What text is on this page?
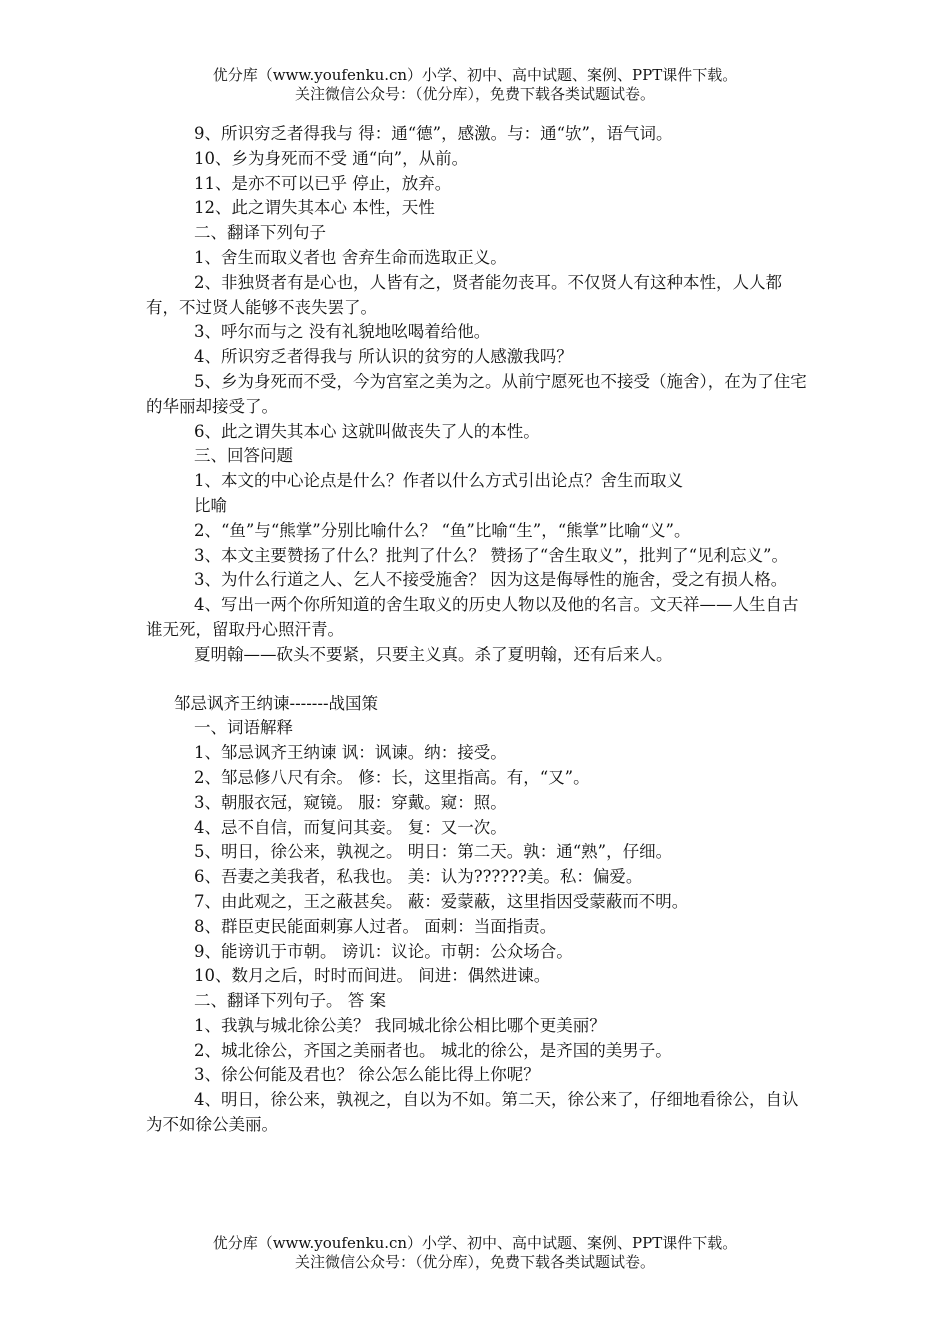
优分库（www.youfenku.cn）小学、初中、高中试题、案例、PPT课件下载。
关注微信公众号：（优分库），免费下载各类试题试卷。

9、所识穷乏者得我与 得：通“德”，感激。与：通“欤”，语气词。

10、乡为身死而不受 通“向”，从前。

11、是亦不可以已乎 停止，放弃。

12、此之谓失其本心 本性，天性

二、翻译下列句子

1、舍生而取义者也 舍弃生命而选取正义。

2、非独贤者有是心也，人皆有之，贤者能勿丧耳。不仅贤人有这种本性，人人都有，不过贤人能够不丧失罢了。

3、呼尔而与之 没有礼貌地吆喝着给他。

4、所识穷乏者得我与 所认识的贫穷的人感激我吗？

5、乡为身死而不受，今为宫室之美为之。从前宁愿死也不接受（施舍），在为了住宅的华丽却接受了。

6、此之谓失其本心 这就叫做丧失了人的本性。

三、回答问题

1、本文的中心论点是什么？作者以什么方式引出论点？舍生而取义

比喻

2、“鱼”与“熊掌”分别比喻什么？ “鱼”比喻“生”，“熊掌”比喻“义”。

3、本文主要赞扬了什么？批判了什么？ 赞扬了“舍生取义”，批判了“见利忘义”。

3、为什么行道之人、乞人不接受施舍？ 因为这是侮辱性的施舍，受之有损人格。

4、写出一两个你所知道的舍生取义的历史人物以及他的名言。文天祥——人生自古谁无死，留取丹心照汗青。

夏明翰——砍头不要紧，只要主义真。杀了夏明翰，还有后来人。

邹忌讽齐王纳谏-------战国策

一、词语解释

1、邹忌讽齐王纳谏 讽：讽谏。纳：接受。

2、邹忌修八尺有余。 修：长，这里指高。有，“又”。

3、朝服衣冠，窥镜。 服：穿戴。窥：照。

4、忌不自信，而复问其妾。 复：又一次。

5、明日，徐公来，孰视之。 明日：第二天。孰：通“熟”，仔细。

6、吾妻之美我者，私我也。 美：认为??????美。私：偏爱。

7、由此观之，王之蔽甚矣。 蔽：爱蒙蔽，这里指因受蒙蔽而不明。

8、群臣吏民能面刺寡人过者。 面刺：当面指责。

9、能谤讥于市朝。 谤讥：议论。市朝：公众场合。

10、数月之后，时时而间进。 间进：偶然进谏。

二、翻译下列句子。 答 案

1、我孰与城北徐公美？ 我同城北徐公相比哪个更美丽？

2、城北徐公，齐国之美丽者也。 城北的徐公，是齐国的美男子。

3、徐公何能及君也？ 徐公怎么能比得上你呢？

4、明日，徐公来，孰视之，自以为不如。第二天，徐公来了，仔细地看徐公，自认为不如徐公美丽。

优分库（www.youfenku.cn）小学、初中、高中试题、案例、PPT课件下载。
关注微信公众号：（优分库），免费下载各类试题试卷。
